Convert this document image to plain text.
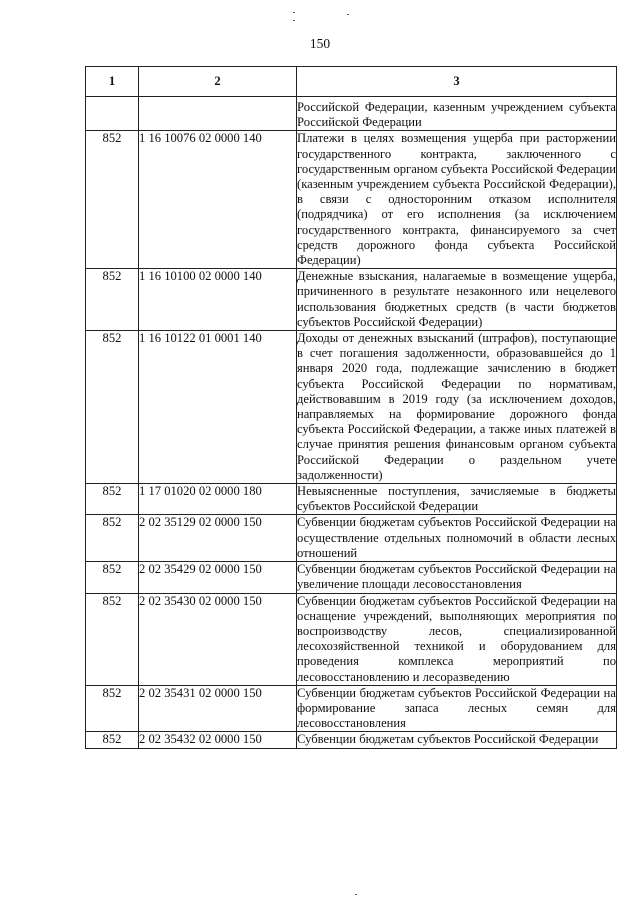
150
1	2	3
		Российской Федерации, казенным учреждением субъекта Российской Федерации
852	1 16 10076 02 0000 140	Платежи в целях возмещения ущерба при расторжении государственного контракта, заключенного с государственным органом субъекта Российской Федерации (казенным учреждением субъекта Российской Федерации), в связи с односторонним отказом исполнителя (подрядчика) от его исполнения (за исключением государственного контракта, финансируемого за счет средств дорожного фонда субъекта Российской Федерации)
852	1 16 10100 02 0000 140	Денежные взыскания, налагаемые в возмещение ущерба, причиненного в результате незаконного или нецелевого использования бюджетных средств (в части бюджетов субъектов Российской Федерации)
852	1 16 10122 01 0001 140	Доходы от денежных взысканий (штрафов), поступающие в счет погашения задолженности, образовавшейся до 1 января 2020 года, подлежащие зачислению в бюджет субъекта Российской Федерации по нормативам, действовавшим в 2019 году (за исключением доходов, направляемых на формирование дорожного фонда субъекта Российской Федерации, а также иных платежей в случае принятия решения финансовым органом субъекта Российской Федерации о раздельном учете задолженности)
852	1 17 01020 02 0000 180	Невыясненные поступления, зачисляемые в бюджеты субъектов Российской Федерации
852	2 02 35129 02 0000 150	Субвенции бюджетам субъектов Российской Федерации на осуществление отдельных полномочий в области лесных отношений
852	2 02 35429 02 0000 150	Субвенции бюджетам субъектов Российской Федерации на увеличение площади лесовосстановления
852	2 02 35430 02 0000 150	Субвенции бюджетам субъектов Российской Федерации на оснащение учреждений, выполняющих мероприятия по воспроизводству лесов, специализированной лесохозяйственной техникой и оборудованием для проведения комплекса мероприятий по лесовосстановлению и лесоразведению
852	2 02 35431 02 0000 150	Субвенции бюджетам субъектов Российской Федерации на формирование запаса лесных семян для лесовосстановления
852	2 02 35432 02 0000 150	Субвенции бюджетам субъектов Российской Федерации
